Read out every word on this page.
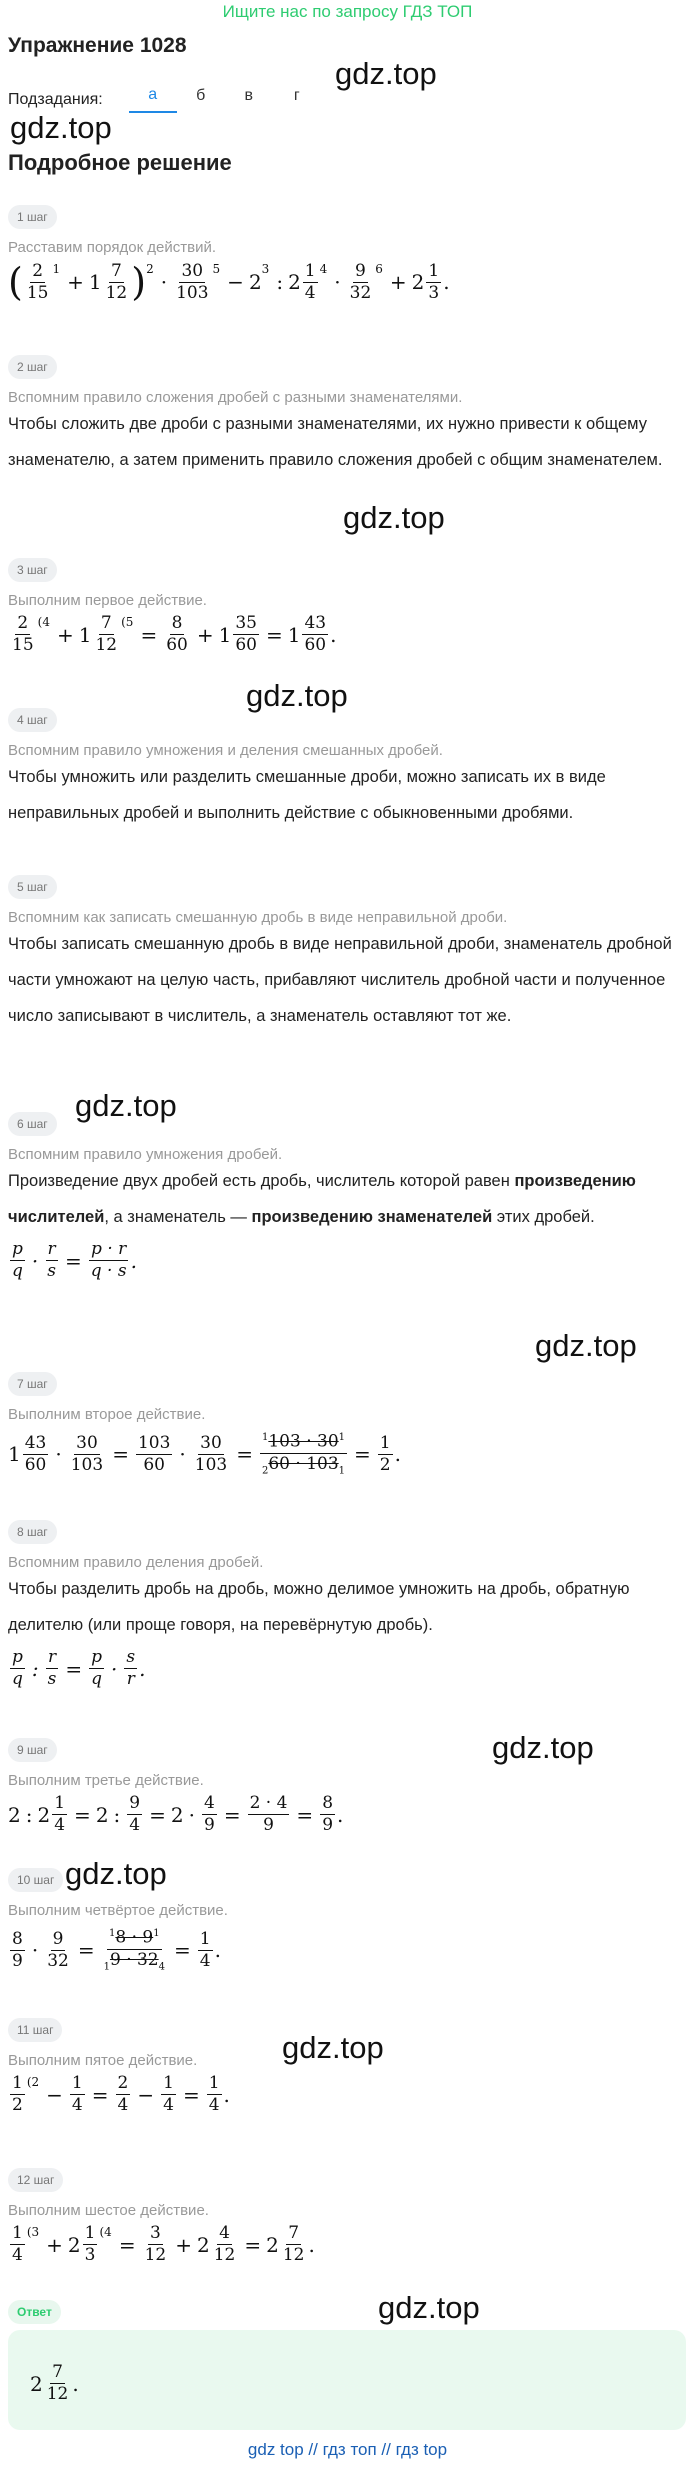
Ищите нас по запросу ГДЗ ТОП
Упражнение 1028
Подзадания:	а	б	в	г
Подробное решение
gdz.top
gdz.top
gdz.top
gdz.top
gdz.top
gdz.top
gdz.top
gdz.top
gdz.top
gdz.top
1 шаг
Расставим порядок действий.
( 2
15
1
+ $1 \frac{7}{12}$ ) 2
· 30
103
5
− 2
3
: 2 1
4
4
· 9
32
6
+ $2 \frac{1}{3}$ .
2 шаг
Вспомним правило сложения дробей с разными знаменателями.
Чтобы сложить две дроби с разными знаменателями, их нужно привести к общему знаменателю, а затем применить правило сложения дробей с общим знаменателем.
3 шаг
Выполним первое действие.
2
15
(4
+ $1 \frac{7}{12} (5$
= $\frac{8}{60} + 1 \frac{35}{60} = 1 \frac{43}{60}$ .
4 шаг
Вспомним правило умножения и деления смешанных дробей.
Чтобы умножить или разделить смешанные дроби, можно записать их в виде неправильных дробей и выполнить действие с обыкновенными дробями.
5 шаг
Вспомним как записать смешанную дробь в виде неправильной дроби.
Чтобы записать смешанную дробь в виде неправильной дроби, знаменатель дробной части умножают на целую часть, прибавляют числитель дробной части и полученное число записывают в числитель, а знаменатель оставляют тот же.
6 шаг
Вспомним правило умножения дробей.
Произведение двух дробей есть дробь, числитель которой равен произведению числителей, а знаменатель — произведению знаменателей этих дробей.
p
$q \cdot \frac{r}{s} = \frac{p \cdot r}{q \cdot s}$ .
7 шаг
Выполним второе действие.
1 43
$60 \cdot \frac{30}{103} = \frac{103}{60} \cdot \frac{30}{103} = \frac{^1103 \cdot 30^1}{_260 \cdot 103_1} = \frac{1}{2}$ .
8 шаг
Вспомним правило деления дробей.
Чтобы разделить дробь на дробь, можно делимое умножить на дробь, обратную делителю (или проще говоря, на перевёрнутую дробь).
p
q : $\frac{r}{s} = \frac{p}{q} \cdot s$
r .
9 шаг
Выполним третье действие.
2 : $2 \frac{1}{4} = 2$ : $\frac{9}{4} = 2 \cdot \frac{4}{9} = \frac{2 \cdot 4}{9} = \frac{8}{9}$ .
10 шаг
Выполним четвёртое действие.
8
$9 \cdot \frac{9}{32} = \frac{^18 \cdot 9^1}{_19 \cdot 32_4} = \frac{1}{4}$ .
11 шаг
Выполним пятое действие.
1
2
(2
− $\frac{1}{4} = \frac{2}{4} - \frac{1}{4} = \frac{1}{4}$ .
12 шаг
Выполним шестое действие.
1
4
(3
+ $2 \frac{1}{3} (4$
= $\frac{3}{12} + 2 \frac{4}{12} = 2 \frac{7}{12}$ .
Ответ
2 7
12 .
gdz top // гдз топ // гдз top
